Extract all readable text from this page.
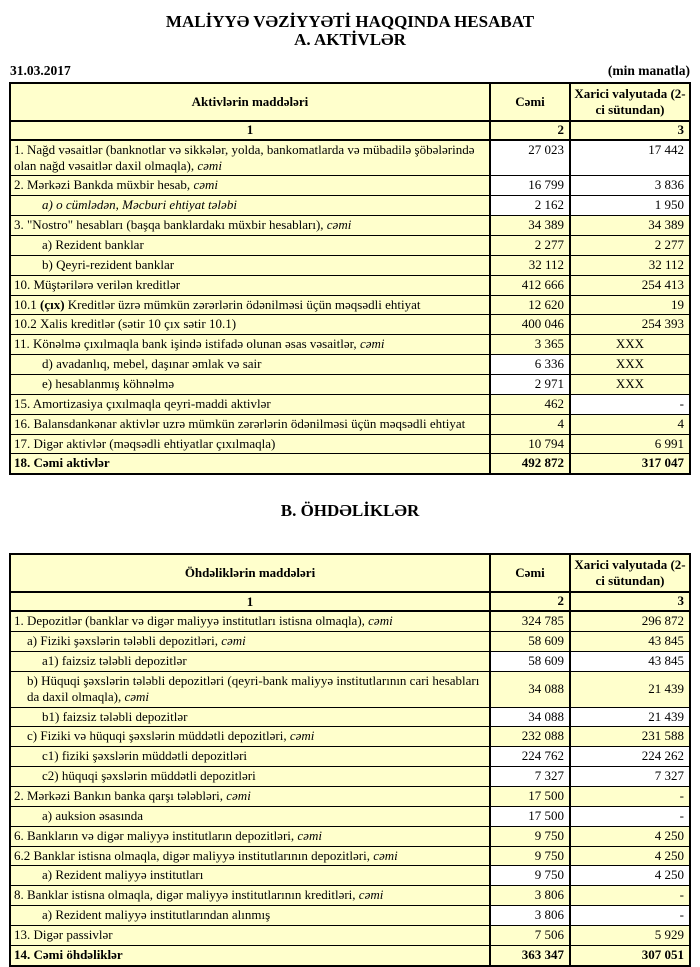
MALİYYƏ VƏZİYYƏTİ HAQQINDA HESABAT
A. AKTİVLƏR
31.03.2017	(min manatla)
Aktivlərin maddələri	Cəmi	Xarici valyutada (2-ci sütundan)
1	2	3
1. Nağd vəsaitlər (banknotlar və sikkələr, yolda, bankomatlarda və mübadilə şöbələrində olan nağd vəsaitlər daxil olmaqla), cəmi	27 023	17 442
2. Mərkəzi Bankda müxbir hesab, cəmi	16 799	3 836
a) o cümlədən, Məcburi ehtiyat tələbi	2 162	1 950
3. "Nostro" hesabları (başqa banklardakı müxbir hesabları), cəmi	34 389	34 389
a) Rezident banklar	2 277	2 277
b) Qeyri-rezident banklar	32 112	32 112
10. Müştərilərə verilən kreditlər	412 666	254 413
10.1 (çıx) Kreditlər üzrə mümkün zərərlərin ödənilməsi üçün məqsədli ehtiyat	12 620	19
10.2 Xalis kreditlər (sətir 10 çıx sətir 10.1)	400 046	254 393
11. Könəlmə çıxılmaqla bank işində istifadə olunan əsas vəsaitlər, cəmi	3 365	XXX
d) avadanlıq, mebel, daşınar əmlak və sair	6 336	XXX
e) hesablanmış köhnəlmə	2 971	XXX
15. Amortizasiya çıxılmaqla qeyri-maddi aktivlər	462	-
16. Balansdankənar aktivlər uzrə mümkün zərərlərin ödənilməsi üçün məqsədli ehtiyat	4	4
17. Digər aktivlər (məqsədli ehtiyatlar çıxılmaqla)	10 794	6 991
18. Cəmi aktivlər	492 872	317 047
B. ÖHDƏLİKLƏR
Öhdəliklərin maddələri	Cəmi	Xarici valyutada (2-ci sütundan)
1	2	3
1. Depozitlər (banklar və digər maliyyə institutları istisna olmaqla), cəmi	324 785	296 872
a) Fiziki şəxslərin tələbli depozitləri, cəmi	58 609	43 845
a1) faizsiz tələbli depozitlər	58 609	43 845
b) Hüquqi şəxslərin tələbli depozitləri (qeyri-bank maliyyə institutlarının cari hesabları da daxil olmaqla), cəmi	34 088	21 439
b1) faizsiz tələbli depozitlər	34 088	21 439
c) Fiziki və hüquqi şəxslərin müddətli depozitləri, cəmi	232 088	231 588
c1) fiziki şəxslərin müddətli depozitləri	224 762	224 262
c2) hüquqi şəxslərin müddətli depozitləri	7 327	7 327
2. Mərkəzi Bankın banka qarşı tələbləri, cəmi	17 500	-
a) auksion əsasında	17 500	-
6. Bankların və digər maliyyə institutların depozitləri, cəmi	9 750	4 250
6.2 Banklar istisna olmaqla, digər maliyyə institutlarının depozitləri, cəmi	9 750	4 250
a) Rezident maliyyə institutları	9 750	4 250
8. Banklar istisna olmaqla, digər maliyyə institutlarının kreditləri, cəmi	3 806	-
a) Rezident maliyyə institutlarından alınmış	3 806	-
13. Digər passivlər	7 506	5 929
14. Cəmi öhdəliklər	363 347	307 051
